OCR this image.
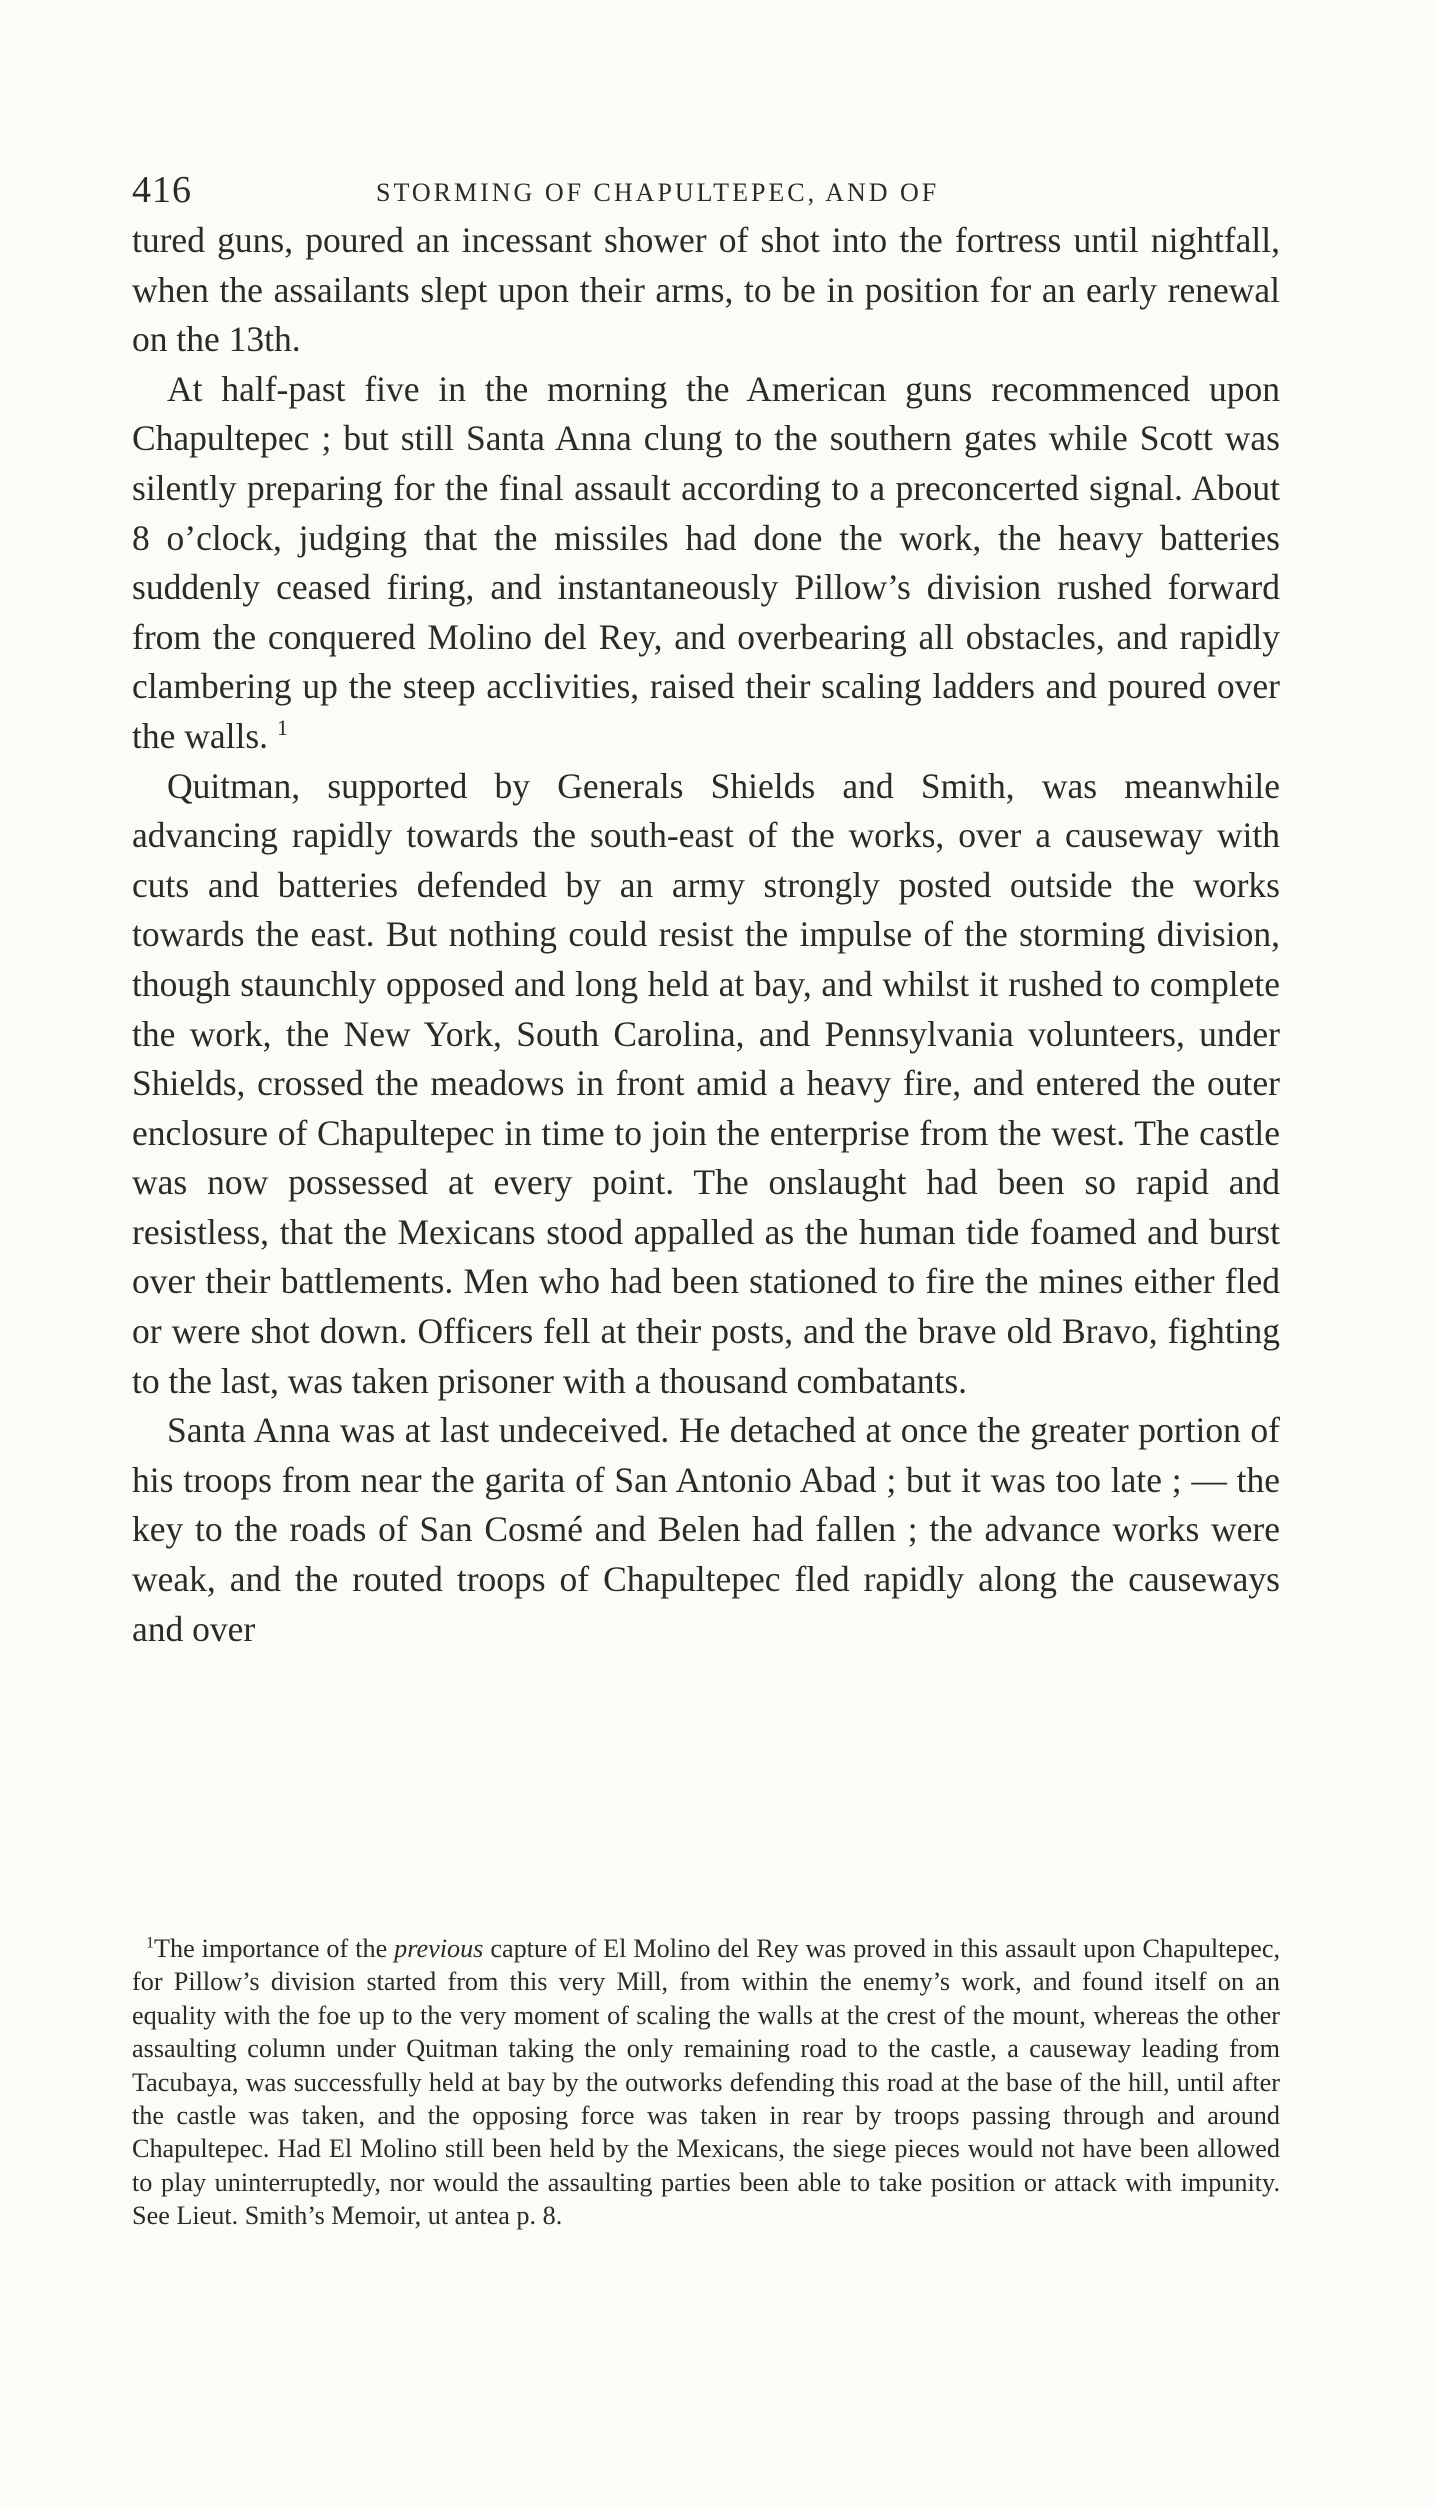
416	STORMING OF CHAPULTEPEC, AND OF

tured guns, poured an incessant shower of shot into the fortress until nightfall, when the assailants slept upon their arms, to be in position for an early renewal on the 13th.

At half-past five in the morning the American guns recommenced upon Chapultepec ; but still Santa Anna clung to the southern gates while Scott was silently preparing for the final assault according to a preconcerted signal. About 8 o’clock, judging that the missiles had done the work, the heavy batteries suddenly ceased firing, and instantaneously Pillow’s division rushed forward from the conquered Molino del Rey, and overbearing all obstacles, and rapidly clambering up the steep acclivities, raised their scaling ladders and poured over the walls. $^1$

Quitman, supported by Generals Shields and Smith, was meanwhile advancing rapidly towards the south-east of the works, over a causeway with cuts and batteries defended by an army strongly posted outside the works towards the east. But nothing could resist the impulse of the storming division, though staunchly opposed and long held at bay, and whilst it rushed to complete the work, the New York, South Carolina, and Pennsylvania volunteers, under Shields, crossed the meadows in front amid a heavy fire, and entered the outer enclosure of Chapultepec in time to join the enterprise from the west. The castle was now possessed at every point. The onslaught had been so rapid and resistless, that the Mexicans stood appalled as the human tide foamed and burst over their battlements. Men who had been stationed to fire the mines either fled or were shot down. Officers fell at their posts, and the brave old Bravo, fighting to the last, was taken prisoner with a thousand combatants.

Santa Anna was at last undeceived. He detached at once the greater portion of his troops from near the garita of San Antonio Abad ; but it was too late ; — the key to the roads of San Cosmé and Belen had fallen ; the advance works were weak, and the routed troops of Chapultepec fled rapidly along the causeways and over

$^1$The importance of the previous capture of El Molino del Rey was proved in this assault upon Chapultepec, for Pillow’s division started from this very Mill, from within the enemy’s work, and found itself on an equality with the foe up to the very moment of scaling the walls at the crest of the mount, whereas the other assaulting column under Quitman taking the only remaining road to the castle, a causeway leading from Tacubaya, was successfully held at bay by the outworks defending this road at the base of the hill, until after the castle was taken, and the opposing force was taken in rear by troops passing through and around Chapultepec. Had El Molino still been held by the Mexicans, the siege pieces would not have been allowed to play uninterruptedly, nor would the assaulting parties been able to take position or attack with impunity. See Lieut. Smith’s Memoir, ut antea p. 8.
